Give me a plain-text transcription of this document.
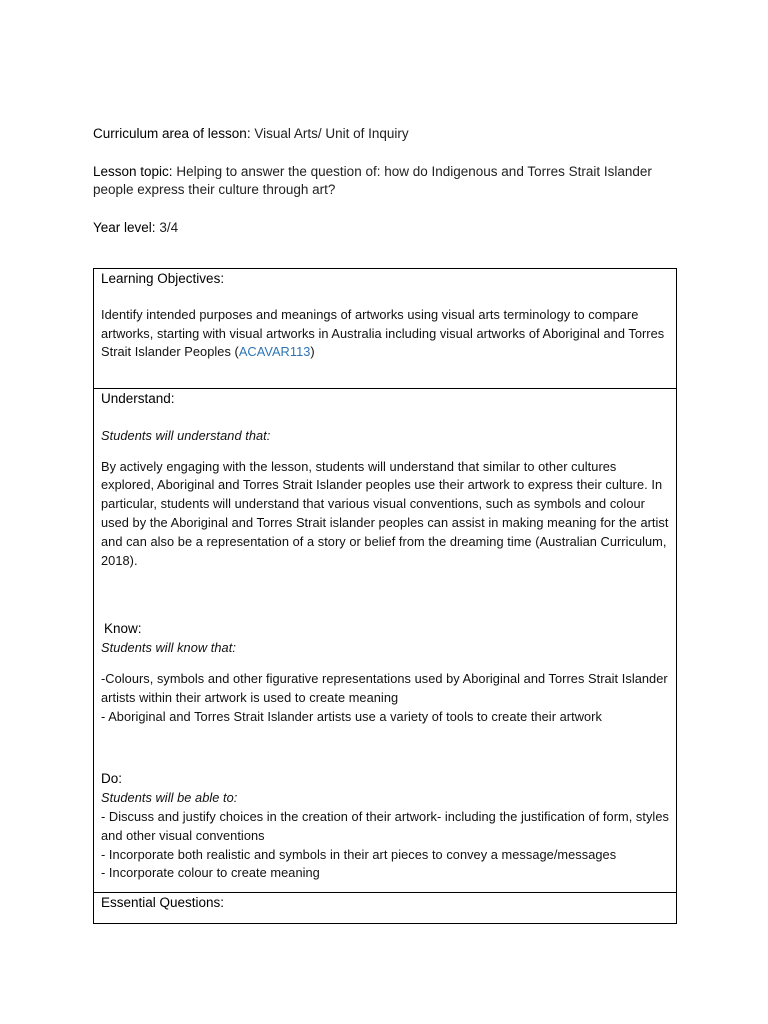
Curriculum area of lesson: Visual Arts/ Unit of Inquiry
Lesson topic: Helping to answer the question of: how do Indigenous and Torres Strait Islander people express their culture through art?
Year level: 3/4

Learning Objectives:

Identify intended purposes and meanings of artworks using visual arts terminology to compare artworks, starting with visual artworks in Australia including visual artworks of Aboriginal and Torres Strait Islander Peoples (ACAVAR113)

Understand:

Students will understand that:

By actively engaging with the lesson, students will understand that similar to other cultures explored, Aboriginal and Torres Strait Islander peoples use their artwork to express their culture. In particular, students will understand that various visual conventions, such as symbols and colour used by the Aboriginal and Torres Strait islander peoples can assist in making meaning for the artist and can also be a representation of a story or belief from the dreaming time (Australian Curriculum, 2018).

Know:

Students will know that:

-Colours, symbols and other figurative representations used by Aboriginal and Torres Strait Islander artists within their artwork is used to create meaning

- Aboriginal and Torres Strait Islander artists use a variety of tools to create their artwork

Do:

Students will be able to:

- Discuss and justify choices in the creation of their artwork- including the justification of form, styles and other visual conventions

- Incorporate both realistic and symbols in their art pieces to convey a message/messages

- Incorporate colour to create meaning

Essential Questions:
